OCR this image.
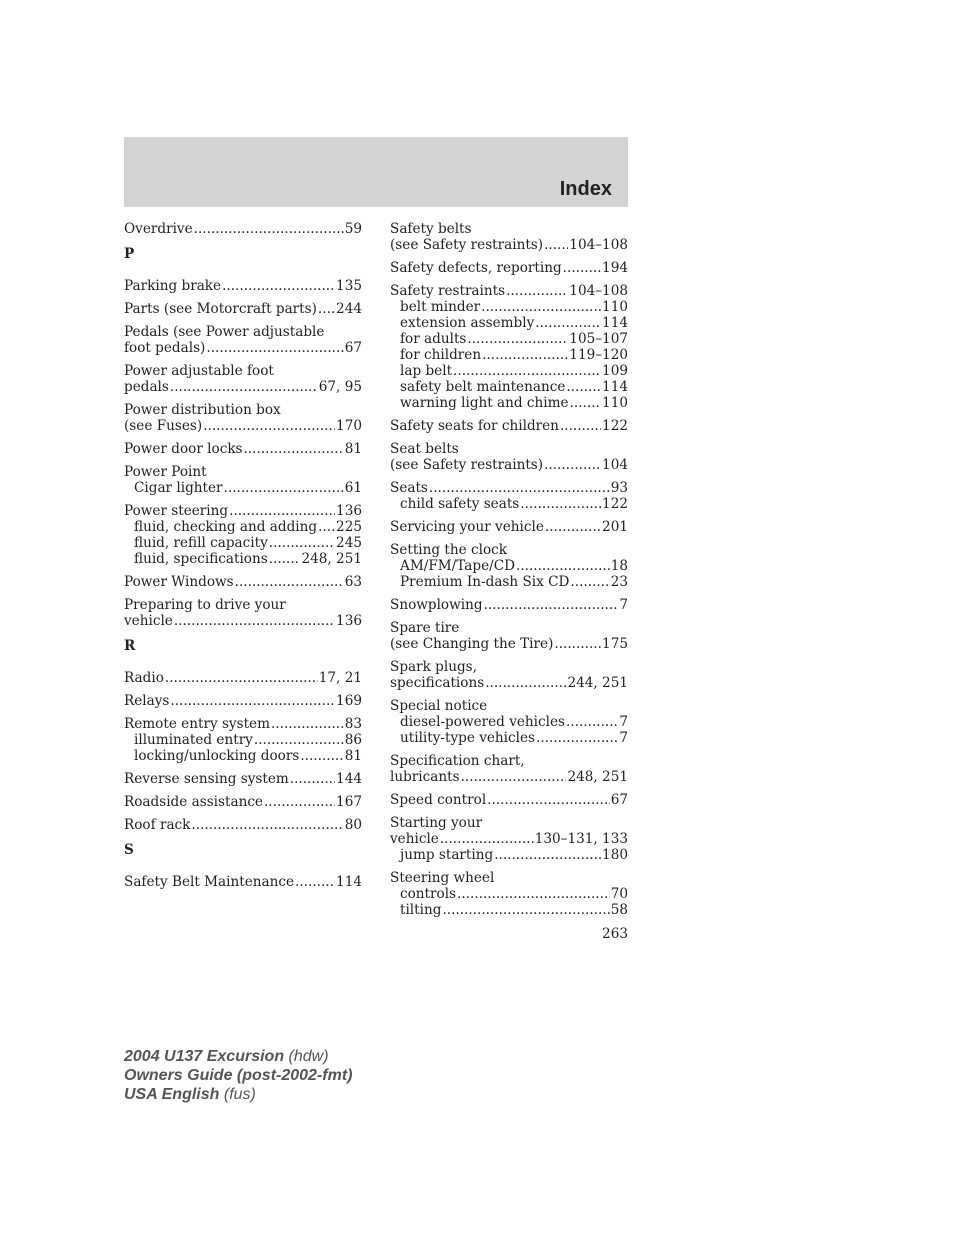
Index
Overdrive .....	59
P
Parking brake .....	135
Parts (see Motorcraft parts) ..... 244
Pedals (see Power adjustable
foot pedals) .....	67
Power adjustable foot
pedals .....	67, 95
Power distribution box
(see Fuses) .....	170
Power door locks .....	81
Power Point
Cigar lighter .....	61
Power steering .....	136
fluid, checking and adding ..... 225
fluid, refill capacity .....	245
fluid, specifications ..... 248, 251
Power Windows .....	63
Preparing to drive your
vehicle .....	136
R
Radio .....	17, 21
Relays .....	169
Remote entry system .....	83
illuminated entry .....	86
locking/unlocking doors .....	81
Reverse sensing system .....	144
Roadside assistance .....	167
Roof rack .....	80
S
Safety Belt Maintenance .....	114
Safety belts
(see Safety restraints) ..... 104–108
Safety defects, reporting .....	194
Safety restraints .....	104–108
belt minder .....	110
extension assembly .....	114
for adults .....	105–107
for children .....	119–120
lap belt .....	109
safety belt maintenance .....	114
warning light and chime ..... 110
Safety seats for children .....	122
Seat belts
(see Safety restraints) .....	104
Seats .....	93
child safety seats .....	122
Servicing your vehicle .....	201
Setting the clock
AM/FM/Tape/CD .....	18
Premium In-dash Six CD .....	23
Snowplowing .....	7
Spare tire
(see Changing the Tire) .....	175
Spark plugs,
specifications .....	244, 251
Special notice
diesel-powered vehicles .....	7
utility-type vehicles .....	7
Specification chart,
lubricants .....	248, 251
Speed control .....	67
Starting your
vehicle .....	130–131, 133
jump starting .....	180
Steering wheel
controls .....	70
tilting .....	58
263
2004 U137 Excursion (hdw)
Owners Guide (post-2002-fmt)
USA English (fus)
